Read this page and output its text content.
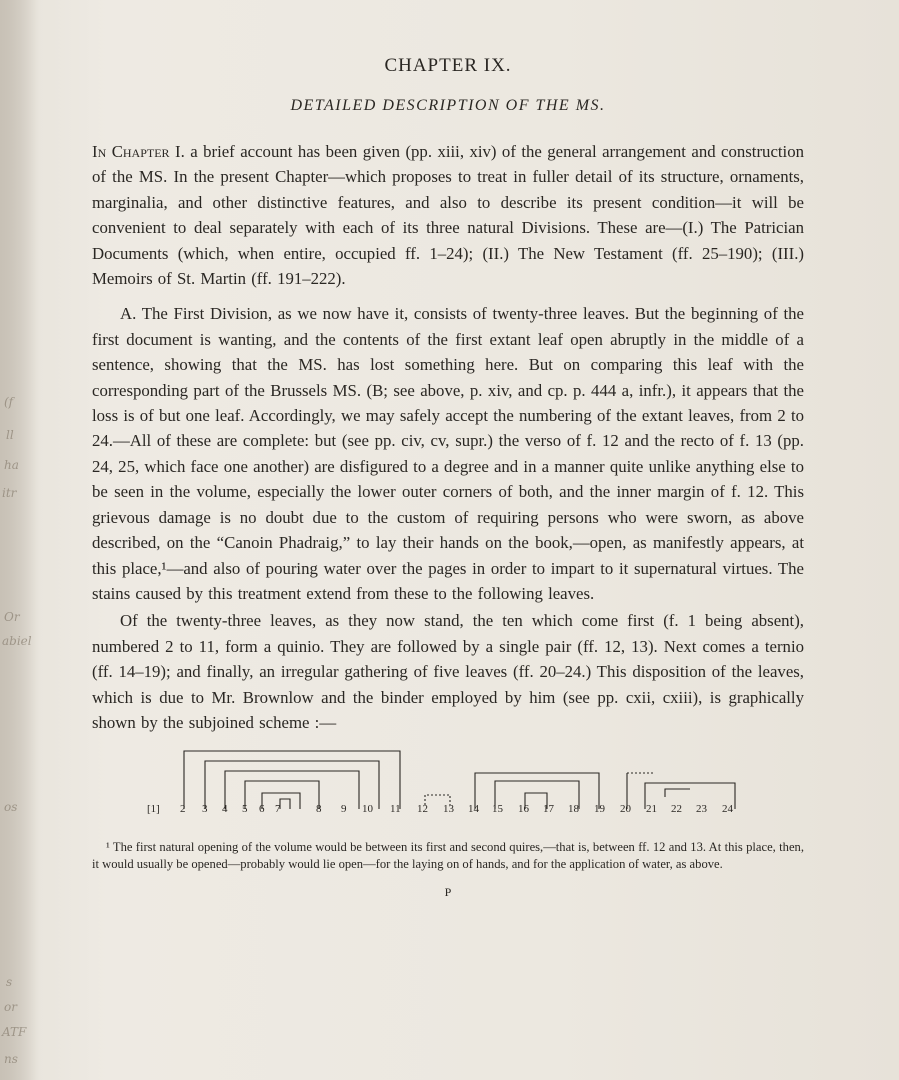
(f
ll
ha
itr
Or
abiel
os
s
or
ATF
ns
CHAPTER IX.
DETAILED DESCRIPTION OF THE MS.

In Chapter I. a brief account has been given (pp. xiii, xiv) of the general arrangement and construction of the MS. In the present Chapter—which proposes to treat in fuller detail of its structure, ornaments, marginalia, and other distinctive features, and also to describe its present condition—it will be convenient to deal separately with each of its three natural Divisions. These are—(I.) The Patrician Documents (which, when entire, occupied ff. 1–24); (II.) The New Testament (ff. 25–190); (III.) Memoirs of St. Martin (ff. 191–222).

A. The First Division, as we now have it, consists of twenty-three leaves. But the beginning of the first document is wanting, and the contents of the first extant leaf open abruptly in the middle of a sentence, showing that the MS. has lost something here. But on comparing this leaf with the corresponding part of the Brussels MS. (B; see above, p. xiv, and cp. p. 444 a, infr.), it appears that the loss is of but one leaf. Accordingly, we may safely accept the numbering of the extant leaves, from 2 to 24.—All of these are complete: but (see pp. civ, cv, supr.) the verso of f. 12 and the recto of f. 13 (pp. 24, 25, which face one another) are disfigured to a degree and in a manner quite unlike anything else to be seen in the volume, especially the lower outer corners of both, and the inner margin of f. 12. This grievous damage is no doubt due to the custom of requiring persons who were sworn, as above described, on the “Canoin Phadraig,” to lay their hands on the book,—open, as manifestly appears, at this place,¹—and also of pouring water over the pages in order to impart to it supernatural virtues. The stains caused by this treatment extend from these to the following leaves.

Of the twenty-three leaves, as they now stand, the ten which come first (f. 1 being absent), numbered 2 to 11, form a quinio. They are followed by a single pair (ff. 12, 13). Next comes a ternio (ff. 14–19); and finally, an irregular gathering of five leaves (ff. 20–24.) This disposition of the leaves, which is due to Mr. Brownlow and the binder employed by him (see pp. cxii, cxiii), is graphically shown by the subjoined scheme :—

[1] 2 3 4 5 6 7	8 9 10 11 12 13 14 15 16 17 18 19 20 21 22 23 24
¹ The first natural opening of the volume would be between its first and second quires,—that is, between ff. 12 and 13. At this place, then, it would usually be opened—probably would lie open—for the laying on of hands, and for the application of water, as above.
P
